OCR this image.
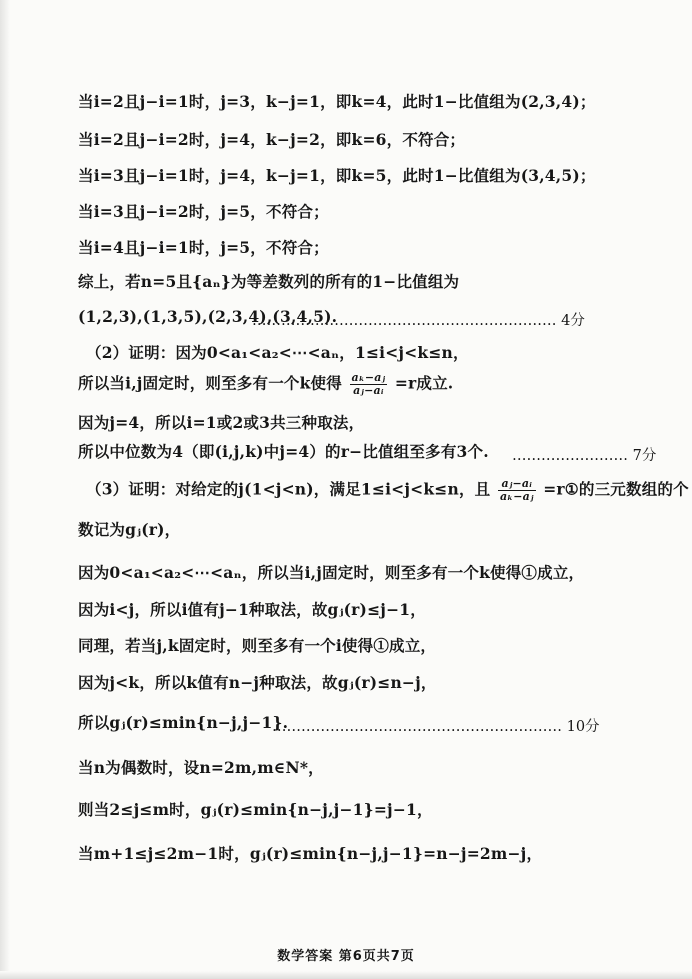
当i=2且j−i=1时，j=3，k−j=1，即k=4，此时1−比值组为(2,3,4)；
当i=2且j−i=2时，j=4，k−j=2，即k=6，不符合；
当i=3且j−i=1时，j=4，k−j=1，即k=5，此时1−比值组为(3,4,5)；
当i=3且j−i=2时，j=5，不符合；
当i=4且j−i=1时，j=5，不符合；
综上，若n=5且{aₙ}为等差数列的所有的1−比值组为
(1,2,3),(1,3,5),(2,3,4),(3,4,5).
……………………………………………………… 4分
（2）证明：因为0<a₁<a₂<⋯<aₙ，1≤i<j<k≤n，
所以当i,j固定时，则至多有一个k使得 $\frac{\text{aₖ−aⱼ}}{\text{aⱼ−aᵢ}} =r$成立.
因为j=4，所以i=1或2或3共三种取法，
所以中位数为4（即(i,j,k)中j=4）的r−比值组至多有3个. …………………… 7分
（3）证明：对给定的j(1<j<n)，满足1≤i<j<k≤n，且 $\frac{\text{aⱼ−aᵢ}}{\text{aₖ−aⱼ}}$ =r①的三元数组的个
数记为gⱼ(r)，
因为0<a₁<a₂<⋯<aₙ，所以当i,j固定时，则至多有一个k使得①成立，
因为i<j，所以i值有j−1种取法，故gⱼ(r)≤j−1，
同理，若当j,k固定时，则至多有一个i使得①成立，
因为j<k，所以k值有n−j种取法，故gⱼ(r)≤n−j，
所以gⱼ(r)≤min{n−j,j−1}.
…………………………………………………… 10分
当n为偶数时，设n=2m,m∈N*，
则当2≤j≤m时，gⱼ(r)≤min{n−j,j−1}=j−1，
当m+1≤j≤2m−1时，gⱼ(r)≤min{n−j,j−1}=n−j=2m−j，
数学答案 第6页共7页
